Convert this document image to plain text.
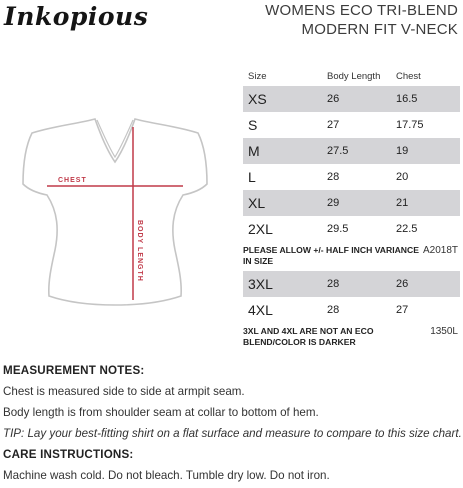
Inkopious	WOMENS ECO TRI-BLEND
MODERN FIT V-NECK
CHEST
BODY LENGTH
Size	Body Length	Chest
XS	26	16.5
S	27	17.75
M	27.5	19
L	28	20
XL	29	21
2XL	29.5	22.5
PLEASE ALLOW +/- HALF INCH VARIANCE IN SIZE
A2018T
3XL	28	26
4XL	28	27
3XL AND 4XL ARE NOT AN ECO BLEND/COLOR IS DARKER
1350L
MEASUREMENT NOTES:
Chest is measured side to side at armpit seam.
Body length is from shoulder seam at collar to bottom of hem.
TIP: Lay your best-fitting shirt on a flat surface and measure to compare to this size chart.
CARE INSTRUCTIONS:
Machine wash cold. Do not bleach. Tumble dry low. Do not iron.
